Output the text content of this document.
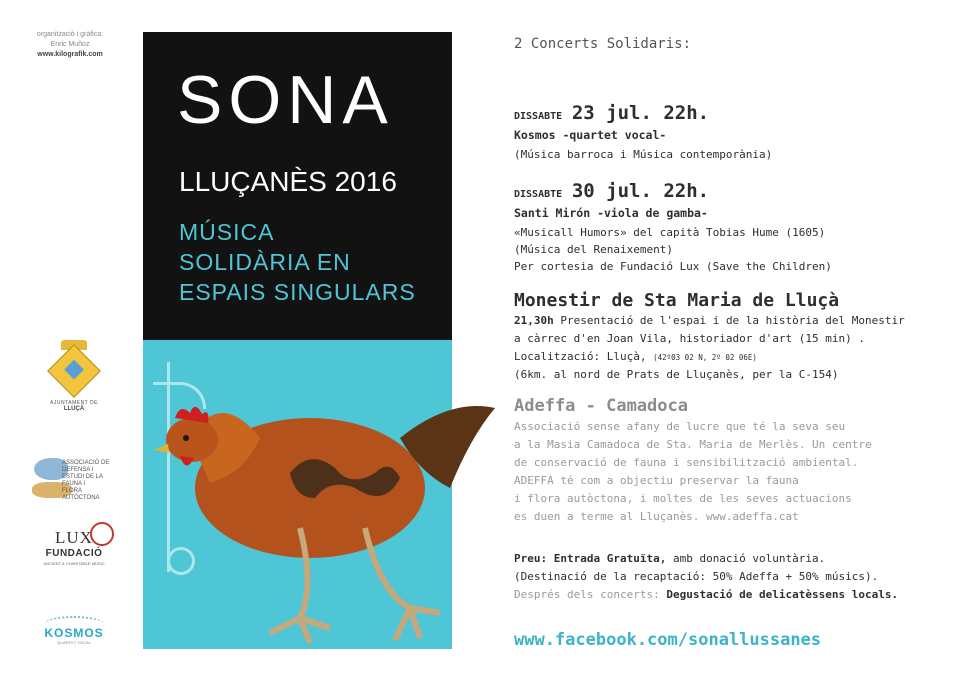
organització i gràfica:
Enric Muñoz
www.kilografik.com
AJUNTAMENT DE
LLUÇÀ
ASSOCIACIÓ DE
DEFENSA I
ESTUDI DE LA
FAUNA I
FLORA
AUTÒCTONA
LUX
FUNDACIÓ
ANCIENT & CHARITABLE MUSIC
KOSMOS
QUARTET VOCAL
SONA
LLUÇANÈS 2016
MÚSICA
SOLIDÀRIA EN
ESPAIS SINGULARS
2 Concerts Solidaris:
DISSABTE 23 jul. 22h.
Kosmos -quartet vocal-
(Música barroca i Música contemporània)
DISSABTE 30 jul. 22h.
Santi Mirón -viola de gamba-
«Musicall Humors» del capità Tobias Hume (1605)
(Música del Renaixement)
Per cortesia de Fundació Lux (Save the Children)
Monestir de Sta Maria de Lluçà
21,30h Presentació de l'espai i de la història del Monestir
a càrrec d'en Joan Vila, historiador d'art (15 min) .
Localització: Lluçà, (42º03 02 N, 2º 02 06E)
(6km. al nord de Prats de Lluçanès, per la C-154)
Adeffa - Camadoca
Associació sense afany de lucre que té la seva seu
a la Masia Camadoca de Sta. Maria de Merlès. Un centre
de conservació de fauna i sensibilització ambiental.
ADEFFA té com a objectiu preservar la fauna
i flora autòctona, i moltes de les seves actuacions
es duen a terme al Lluçanès. www.adeffa.cat
Preu: Entrada Gratuïta, amb donació voluntària.
(Destinació de la recaptació: 50% Adeffa + 50% músics).
Després dels concerts: Degustació de delicatèssens locals.
www.facebook.com/sonallussanes
